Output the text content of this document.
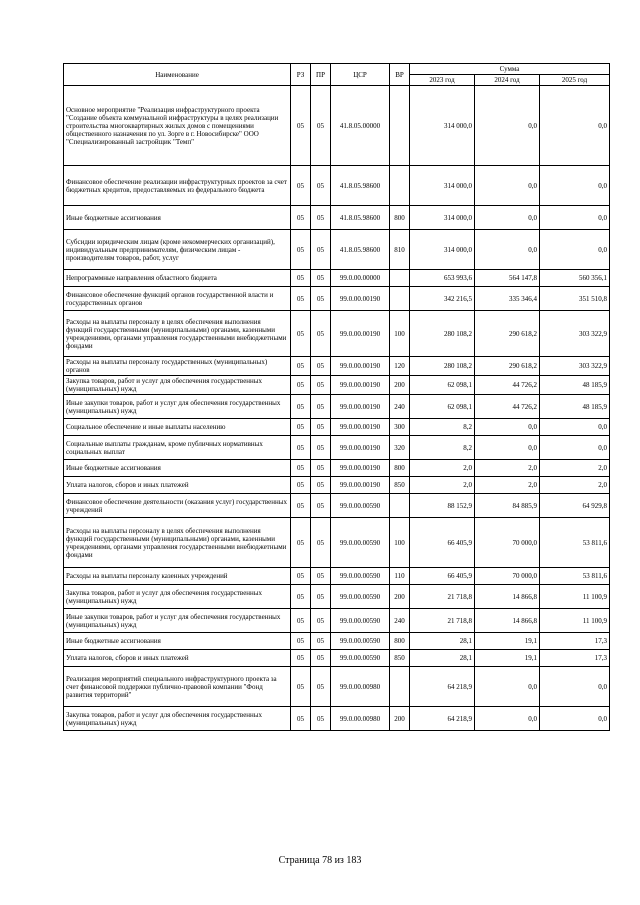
Наименование	РЗ	ПР	ЦСР	ВР	Сумма		
					2023 год	2024 год	2025 год
Основное мероприятие "Реализация инфраструктурного проекта "Создание объекта коммунальной инфраструктуры в целях реализации строительства многоквартирных жилых домов с помещениями общественного назначения по ул. Зорге в г. Новосибирске" ООО "Специализированный застройщик "Темп"	05	05	41.8.05.00000		314 000,0	0,0	0,0
Финансовое обеспечение реализации инфраструктурных проектов за счет бюджетных кредитов, предоставляемых из федерального бюджета	05	05	41.8.05.98600		314 000,0	0,0	0,0
Иные бюджетные ассигнования	05	05	41.8.05.98600	800	314 000,0	0,0	0,0
Субсидии юридическим лицам (кроме некоммерческих организаций), индивидуальным предпринимателям, физическим лицам - производителям товаров, работ, услуг	05	05	41.8.05.98600	810	314 000,0	0,0	0,0
Непрограммные направления областного бюджета	05	05	99.0.00.00000		653 993,6	564 147,8	560 356,1
Финансовое обеспечение функций органов государственной власти и государственных органов	05	05	99.0.00.00190		342 216,5	335 346,4	351 510,8
Расходы на выплаты персоналу в целях обеспечения выполнения функций государственными (муниципальными) органами, казенными учреждениями, органами управления государственными внебюджетными фондами	05	05	99.0.00.00190	100	280 108,2	290 618,2	303 322,9
Расходы на выплаты персоналу государственных (муниципальных) органов	05	05	99.0.00.00190	120	280 108,2	290 618,2	303 322,9
Закупка товаров, работ и услуг для обеспечения государственных (муниципальных) нужд	05	05	99.0.00.00190	200	62 098,1	44 726,2	48 185,9
Иные закупки товаров, работ и услуг для обеспечения государственных (муниципальных) нужд	05	05	99.0.00.00190	240	62 098,1	44 726,2	48 185,9
Социальное обеспечение и иные выплаты населению	05	05	99.0.00.00190	300	8,2	0,0	0,0
Социальные выплаты гражданам, кроме публичных нормативных социальных выплат	05	05	99.0.00.00190	320	8,2	0,0	0,0
Иные бюджетные ассигнования	05	05	99.0.00.00190	800	2,0	2,0	2,0
Уплата налогов, сборов и иных платежей	05	05	99.0.00.00190	850	2,0	2,0	2,0
Финансовое обеспечение деятельности (оказания услуг) государственных учреждений	05	05	99.0.00.00590		88 152,9	84 885,9	64 929,8
Расходы на выплаты персоналу в целях обеспечения выполнения функций государственными (муниципальными) органами, казенными учреждениями, органами управления государственными внебюджетными фондами	05	05	99.0.00.00590	100	66 405,9	70 000,0	53 811,6
Расходы на выплаты персоналу казенных учреждений	05	05	99.0.00.00590	110	66 405,9	70 000,0	53 811,6
Закупка товаров, работ и услуг для обеспечения государственных (муниципальных) нужд	05	05	99.0.00.00590	200	21 718,8	14 866,8	11 100,9
Иные закупки товаров, работ и услуг для обеспечения государственных (муниципальных) нужд	05	05	99.0.00.00590	240	21 718,8	14 866,8	11 100,9
Иные бюджетные ассигнования	05	05	99.0.00.00590	800	28,1	19,1	17,3
Уплата налогов, сборов и иных платежей	05	05	99.0.00.00590	850	28,1	19,1	17,3
Реализация мероприятий специального инфраструктурного проекта за счет финансовой поддержки публично-правовой компании "Фонд развития территорий"	05	05	99.0.00.00980		64 218,9	0,0	0,0
Закупка товаров, работ и услуг для обеспечения государственных (муниципальных) нужд	05	05	99.0.00.00980	200	64 218,9	0,0	0,0
Страница 78 из 183
